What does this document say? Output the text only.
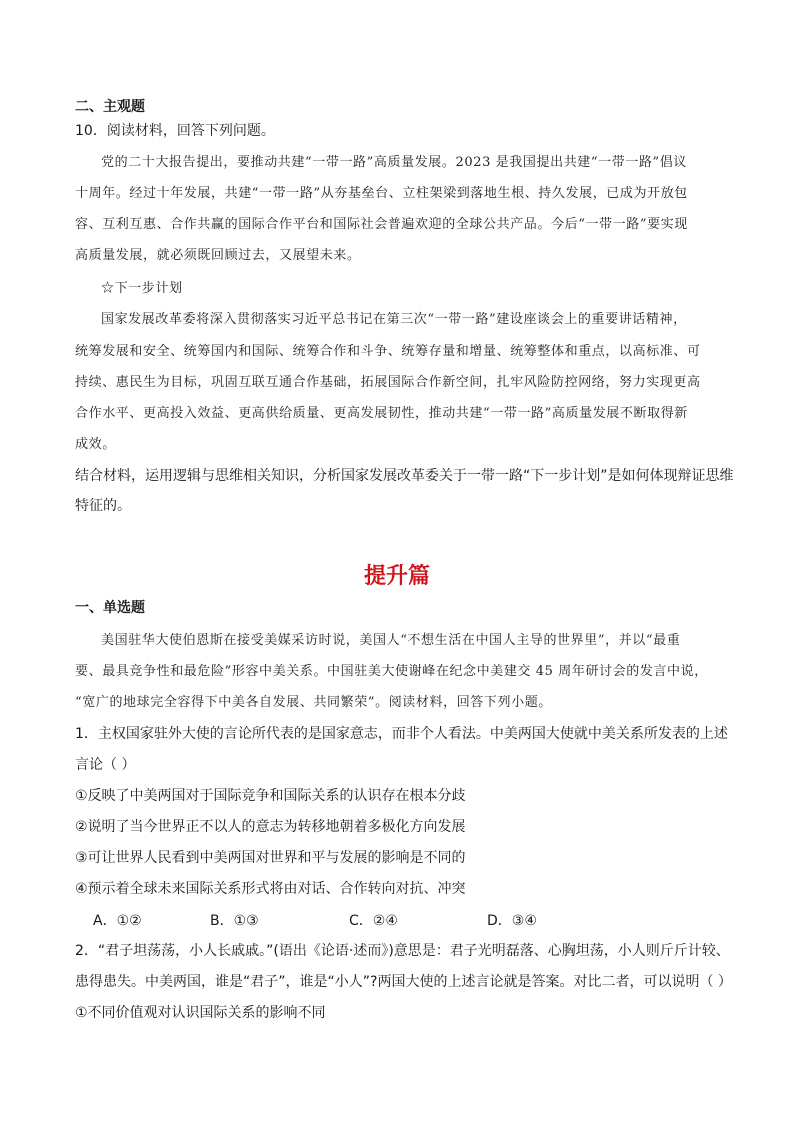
二、主观题
10．阅读材料，回答下列问题。
党的二十大报告提出，要推动共建“一带一路”高质量发展。2023 是我国提出共建“一带一路”倡议
十周年。经过十年发展，共建“一带一路”从夯基垒台、立柱架梁到落地生根、持久发展，已成为开放包
容、互利互惠、合作共赢的国际合作平台和国际社会普遍欢迎的全球公共产品。今后“一带一路”要实现
高质量发展，就必须既回顾过去，又展望未来。
☆下一步计划
国家发展改革委将深入贯彻落实习近平总书记在第三次“一带一路”建设座谈会上的重要讲话精神，
统筹发展和安全、统筹国内和国际、统筹合作和斗争、统筹存量和增量、统筹整体和重点，以高标准、可
持续、惠民生为目标，巩固互联互通合作基础，拓展国际合作新空间，扎牢风险防控网络，努力实现更高
合作水平、更高投入效益、更高供给质量、更高发展韧性，推动共建“一带一路”高质量发展不断取得新
成效。
结合材料，运用逻辑与思维相关知识，分析国家发展改革委关于一带一路“下一步计划”是如何体现辩证思维
特征的。
提升篇
一、单选题
美国驻华大使伯恩斯在接受美媒采访时说，美国人“不想生活在中国人主导的世界里”，并以“最重
要、最具竞争性和最危险”形容中美关系。中国驻美大使谢峰在纪念中美建交 45 周年研讨会的发言中说，
“宽广的地球完全容得下中美各自发展、共同繁荣”。阅读材料，回答下列小题。
1．主权国家驻外大使的言论所代表的是国家意志，而非个人看法。中美两国大使就中美关系所发表的上述
言论（ ）
①反映了中美两国对于国际竞争和国际关系的认识存在根本分歧
②说明了当今世界正不以人的意志为转移地朝着多极化方向发展
③可让世界人民看到中美两国对世界和平与发展的影响是不同的
④预示着全球未来国际关系形式将由对话、合作转向对抗、冲突
A．①②	B．①③	C．②④	D．③④
2．“君子坦荡荡，小人长戚戚。”(语出《论语·述而》)意思是：君子光明磊落、心胸坦荡，小人则斤斤计较、
患得患失。中美两国，谁是“君子”，谁是“小人”?两国大使的上述言论就是答案。对比二者，可以说明（ ）
①不同价值观对认识国际关系的影响不同
